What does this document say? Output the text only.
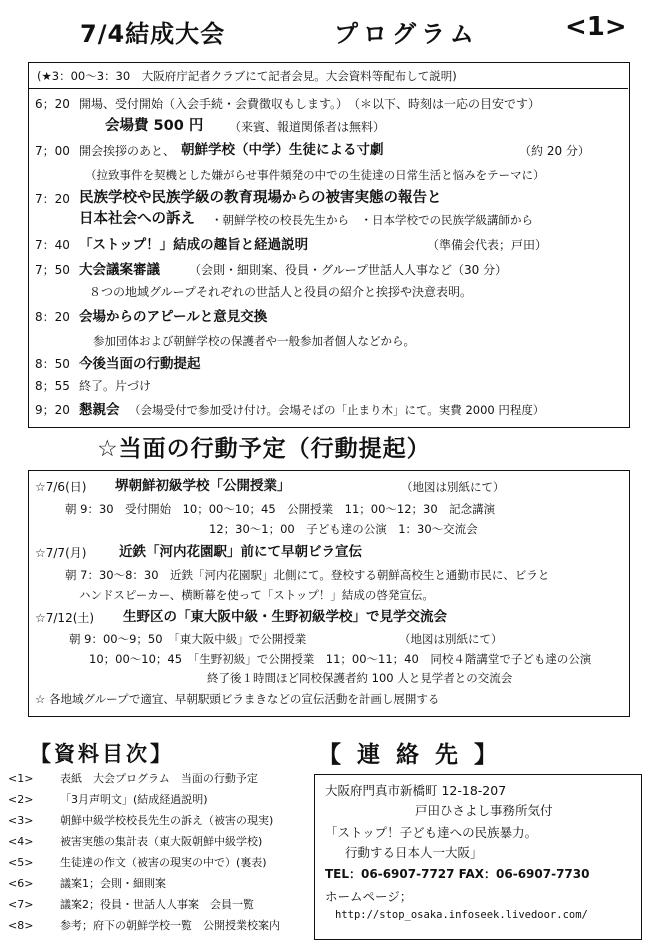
7/4結成大会	プログラム	<1>
(★3：00～3：30　大阪府庁記者クラブにて記者会見。大会資料等配布して説明)
6；20 開場、受付開始（入会手続・会費徴収もします。）　（＊以下、時刻は一応の目安です）
会場費 500 円 （来賓、報道関係者は無料）
7；00 開会挨拶のあと、 朝鮮学校（中学）生徒による寸劇	（約 20 分）
（拉致事件を契機とした嫌がらせ事件頻発の中での生徒達の日常生活と悩みをテーマに）
7：20 民族学校や民族学級の教育現場からの被害実態の報告と
日本社会への訴え ・朝鮮学校の校長先生から　・日本学校での民族学級講師から
7：40 「ストップ！」結成の趣旨と経過説明	（準備会代表；戸田）
7；50 大会議案審議 （会則・細則案、役員・グループ世話人人事など（30 分）
８つの地域グループそれぞれの世話人と役員の紹介と挨拶や決意表明。
8：20 会場からのアピールと意見交換
参加団体および朝鮮学校の保護者や一般参加者個人などから。
8：50 今後当面の行動提起
8；55 終了。片づけ
9；20 懇親会 （会場受付で参加受け付け。会場そばの「止まり木」にて。実費 2000 円程度）
☆当面の行動予定（行動提起）
☆7/6(日) 堺朝鮮初級学校「公開授業」	（地図は別紙にて）
朝 9：30　受付開始　10；00～10；45　公開授業　11；00～12；30　記念講演
12；30～1；00　子ども達の公演　1：30～交流会
☆7/7(月) 近鉄「河内花園駅」前にて早朝ビラ宣伝
朝 7：30～8：30　近鉄「河内花園駅」北側にて。登校する朝鮮高校生と通勤市民に、ビラと
ハンドスピーカー、横断幕を使って「ストップ！」結成の啓発宣伝。
☆7/12(土) 生野区の「東大阪中級・生野初級学校」で見学交流会
朝 9：00～9；50　「東大阪中級」で公開授業	（地図は別紙にて）
10；00～10；45　「生野初級」で公開授業　11；00～11；40　同校４階講堂で子ども達の公演
終了後１時間ほど同校保護者約 100 人と見学者との交流会
☆ 各地域グループで適宜、早朝駅頭ビラまきなどの宣伝活動を計画し展開する
【資料目次】
<1> 表紙　大会プログラム　当面の行動予定
<2> 「3月声明文」(結成経過説明)
<3> 朝鮮中級学校校長先生の訴え（被害の現実)
<4> 被害実態の集計表（東大阪朝鮮中級学校)
<5> 生徒達の作文（被害の現実の中で）(裏表)
<6> 議案1；会則・細則案
<7> 議案2；役員・世話人人事案　会員一覧
<8> 参考；府下の朝鮮学校一覧　公開授業校案内
【連絡先】
大阪府門真市新橋町 12-18-207
戸田ひさよし事務所気付
「ストップ！子ども達への民族暴力。
行動する日本人一大阪」
TEL：06-6907-7727 FAX：06-6907-7730
ホームページ；
http://stop_osaka.infoseek.livedoor.com/
